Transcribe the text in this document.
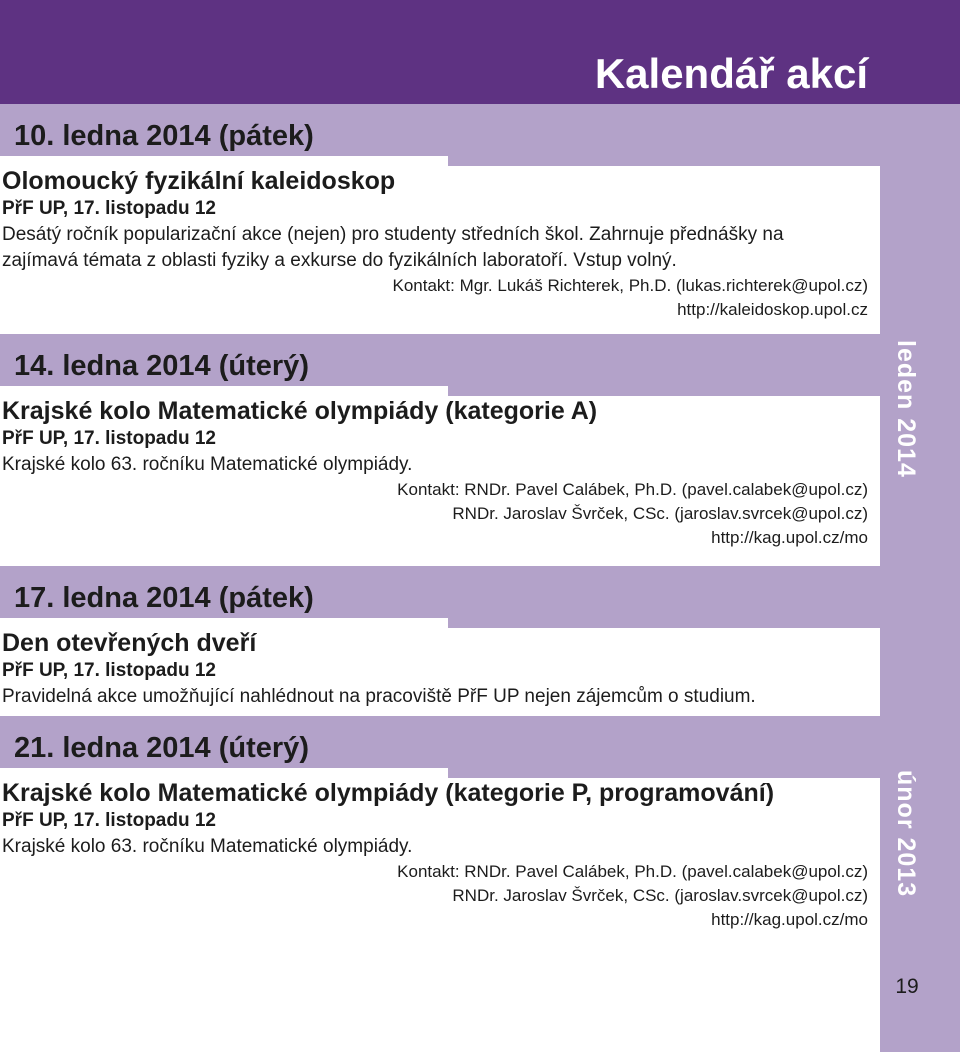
Kalendář akcí
leden 2014
únor 2013
19
10. ledna 2014 (pátek)
Olomoucký fyzikální kaleidoskop
PřF UP, 17. listopadu 12
Desátý ročník popularizační akce (nejen) pro studenty středních škol. Zahrnuje přednášky na zajímavá témata z oblasti fyziky a exkurse do fyzikálních laboratoří. Vstup volný.
Kontakt: Mgr. Lukáš Richterek, Ph.D. (lukas.richterek@upol.cz)
http://kaleidoskop.upol.cz
14. ledna 2014 (úterý)
Krajské kolo Matematické olympiády (kategorie A)
PřF UP, 17. listopadu 12
Krajské kolo 63. ročníku Matematické olympiády.
Kontakt: RNDr. Pavel Calábek, Ph.D. (pavel.calabek@upol.cz)
RNDr. Jaroslav Švrček, CSc. (jaroslav.svrcek@upol.cz)
http://kag.upol.cz/mo
17. ledna 2014 (pátek)
Den otevřených dveří
PřF UP, 17. listopadu 12
Pravidelná akce umožňující nahlédnout na pracoviště PřF UP nejen zájemcům o studium.
21. ledna 2014 (úterý)
Krajské kolo Matematické olympiády (kategorie P, programování)
PřF UP, 17. listopadu 12
Krajské kolo 63. ročníku Matematické olympiády.
Kontakt: RNDr. Pavel Calábek, Ph.D. (pavel.calabek@upol.cz)
RNDr. Jaroslav Švrček, CSc. (jaroslav.svrcek@upol.cz)
http://kag.upol.cz/mo
